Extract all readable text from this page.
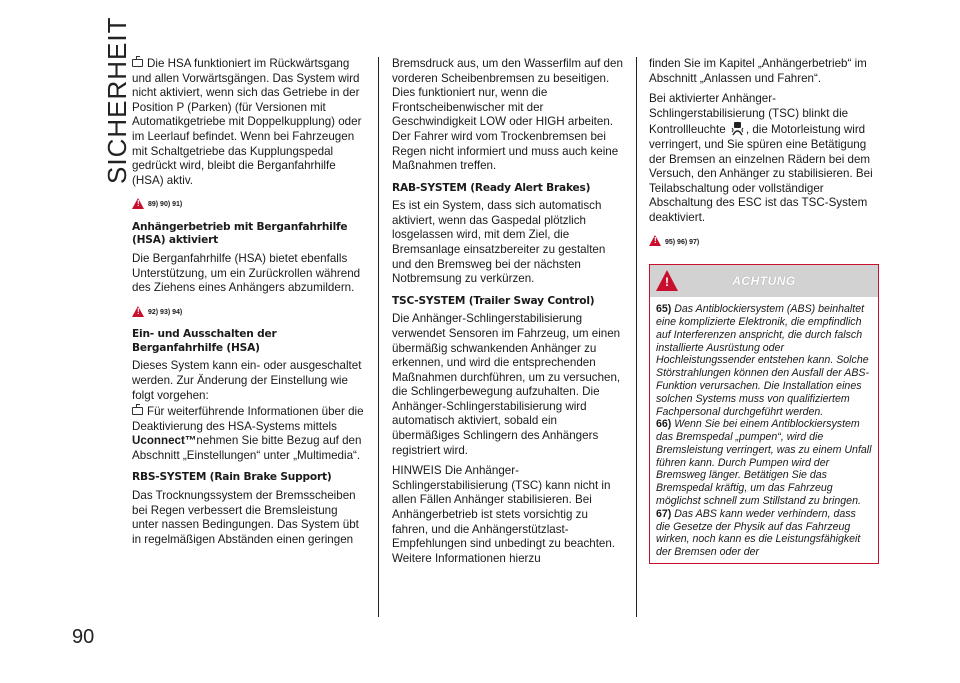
SICHERHEIT
90

Die HSA funktioniert im Rückwärtsgang und allen Vorwärtsgängen. Das System wird nicht aktiviert, wenn sich das Getriebe in der Position P (Parken) (für Versionen mit Automatikgetriebe mit Doppelkupplung) oder im Leerlauf befindet. Wenn bei Fahrzeugen mit Schaltgetriebe das Kupplungspedal gedrückt wird, bleibt die Berganfahrhilfe (HSA) aktiv.

! 89) 90) 91)
Anhängerbetrieb mit Berganfahrhilfe (HSA) aktiviert

Die Berganfahrhilfe (HSA) bietet ebenfalls Unterstützung, um ein Zurückrollen während des Ziehens eines Anhängers abzumildern.

! 92) 93) 94)
Ein- und Ausschalten der Berganfahrhilfe (HSA)

Dieses System kann ein- oder ausgeschaltet werden. Zur Änderung der Einstellung wie folgt vorgehen:

Für weiterführende Informationen über die Deaktivierung des HSA-Systems mittels Uconnect™nehmen Sie bitte Bezug auf den Abschnitt „Einstellungen“ unter „Multimedia“.

RBS-SYSTEM (Rain Brake Support)

Das Trocknungssystem der Bremsscheiben bei Regen verbessert die Bremsleistung unter nassen Bedingungen. Das System übt in regelmäßigen Abständen einen geringen

Bremsdruck aus, um den Wasserfilm auf den vorderen Scheibenbremsen zu beseitigen. Dies funktioniert nur, wenn die Frontscheibenwischer mit der Geschwindigkeit LOW oder HIGH arbeiten. Der Fahrer wird vom Trockenbremsen bei Regen nicht informiert und muss auch keine Maßnahmen treffen.

RAB-SYSTEM (Ready Alert Brakes)

Es ist ein System, dass sich automatisch aktiviert, wenn das Gaspedal plötzlich losgelassen wird, mit dem Ziel, die Bremsanlage einsatzbereiter zu gestalten und den Bremsweg bei der nächsten Notbremsung zu verkürzen.

TSC-SYSTEM (Trailer Sway Control)

Die Anhänger-Schlingerstabilisierung verwendet Sensoren im Fahrzeug, um einen übermäßig schwankenden Anhänger zu erkennen, und wird die entsprechenden Maßnahmen durchführen, um zu versuchen, die Schlingerbewegung aufzuhalten. Die Anhänger-Schlingerstabilisierung wird automatisch aktiviert, sobald ein übermäßiges Schlingern des Anhängers registriert wird.

HINWEIS Die Anhänger-Schlingerstabilisierung (TSC) kann nicht in allen Fällen Anhänger stabilisieren. Bei Anhängerbetrieb ist stets vorsichtig zu fahren, und die Anhängerstützlast-Empfehlungen sind unbedingt zu beachten. Weitere Informationen hierzu

finden Sie im Kapitel „Anhängerbetrieb“ im Abschnitt „Anlassen und Fahren“.

Bei aktivierter Anhänger-Schlingerstabilisierung (TSC) blinkt die Kontrollleuchte , die Motorleistung wird verringert, und Sie spüren eine Betätigung der Bremsen an einzelnen Rädern bei dem Versuch, den Anhänger zu stabilisieren. Bei Teilabschaltung oder vollständiger Abschaltung des ESC ist das TSC-System deaktiviert.

! 95) 96) 97)
!	ACHTUNG

65) Das Antiblockiersystem (ABS) beinhaltet eine komplizierte Elektronik, die empfindlich auf Interferenzen anspricht, die durch falsch installierte Ausrüstung oder Hochleistungssender entstehen kann. Solche Störstrahlungen können den Ausfall der ABS-Funktion verursachen. Die Installation eines solchen Systems muss von qualifiziertem Fachpersonal durchgeführt werden.

66) Wenn Sie bei einem Antiblockiersystem das Bremspedal „pumpen“, wird die Bremsleistung verringert, was zu einem Unfall führen kann. Durch Pumpen wird der Bremsweg länger. Betätigen Sie das Bremspedal kräftig, um das Fahrzeug möglichst schnell zum Stillstand zu bringen.

67) Das ABS kann weder verhindern, dass die Gesetze der Physik auf das Fahrzeug wirken, noch kann es die Leistungsfähigkeit der Bremsen oder der
